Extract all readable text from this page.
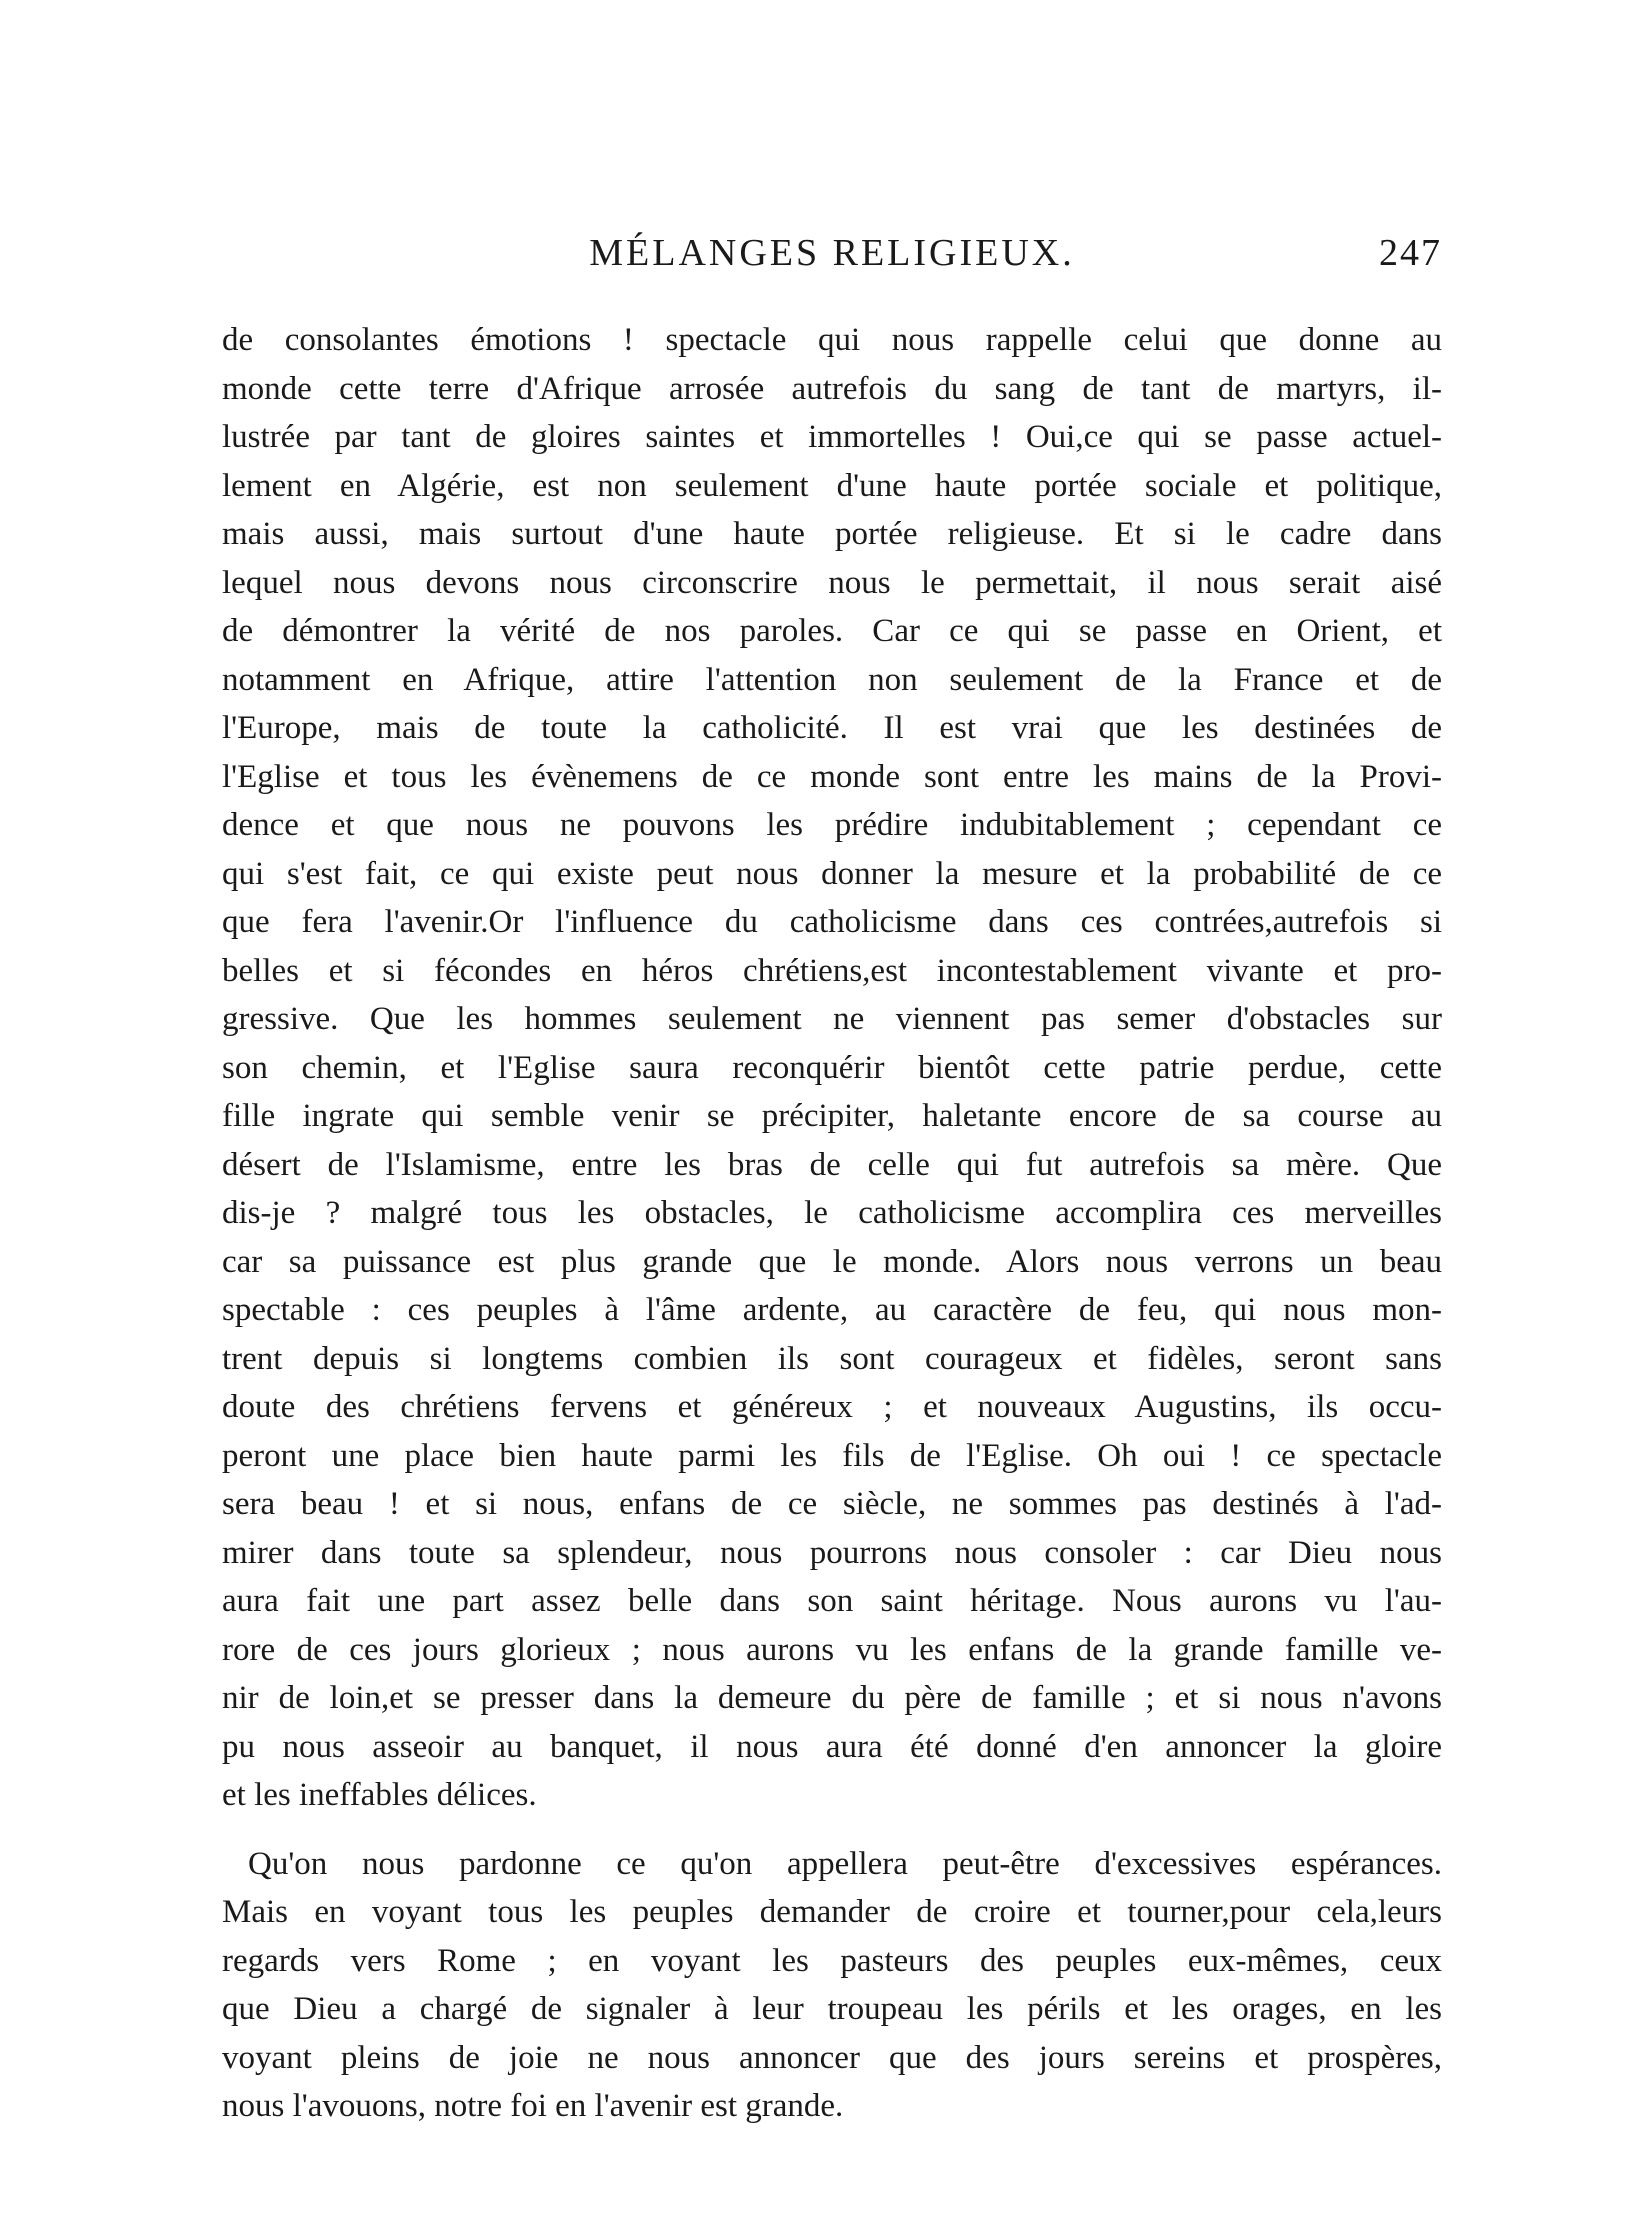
MÉLANGES RELIGIEUX.	247
de consolantes émotions ! spectacle qui nous rappelle celui que donne au
monde cette terre d'Afrique arrosée autrefois du sang de tant de martyrs, il-
lustrée par tant de gloires saintes et immortelles ! Oui,ce qui se passe actuel-
lement en Algérie, est non seulement d'une haute portée sociale et politique,
mais aussi, mais surtout d'une haute portée religieuse. Et si le cadre dans
lequel nous devons nous circonscrire nous le permettait, il nous serait aisé
de démontrer la vérité de nos paroles. Car ce qui se passe en Orient, et
notamment en Afrique, attire l'attention non seulement de la France et de
l'Europe, mais de toute la catholicité. Il est vrai que les destinées de
l'Eglise et tous les évènemens de ce monde sont entre les mains de la Provi-
dence et que nous ne pouvons les prédire indubitablement ; cependant ce
qui s'est fait, ce qui existe peut nous donner la mesure et la probabilité de ce
que fera l'avenir.Or l'influence du catholicisme dans ces contrées,autrefois si
belles et si fécondes en héros chrétiens,est incontestablement vivante et pro-
gressive. Que les hommes seulement ne viennent pas semer d'obstacles sur
son chemin, et l'Eglise saura reconquérir bientôt cette patrie perdue, cette
fille ingrate qui semble venir se précipiter, haletante encore de sa course au
désert de l'Islamisme, entre les bras de celle qui fut autrefois sa mère. Que
dis-je ? malgré tous les obstacles, le catholicisme accomplira ces merveilles
car sa puissance est plus grande que le monde. Alors nous verrons un beau
spectable : ces peuples à l'âme ardente, au caractère de feu, qui nous mon-
trent depuis si longtems combien ils sont courageux et fidèles, seront sans
doute des chrétiens fervens et généreux ; et nouveaux Augustins, ils occu-
peront une place bien haute parmi les fils de l'Eglise. Oh oui ! ce spectacle
sera beau ! et si nous, enfans de ce siècle, ne sommes pas destinés à l'ad-
mirer dans toute sa splendeur, nous pourrons nous consoler : car Dieu nous
aura fait une part assez belle dans son saint héritage. Nous aurons vu l'au-
rore de ces jours glorieux ; nous aurons vu les enfans de la grande famille ve-
nir de loin,et se presser dans la demeure du père de famille ; et si nous n'avons
pu nous asseoir au banquet, il nous aura été donné d'en annoncer la gloire
et les ineffables délices.
Qu'on nous pardonne ce qu'on appellera peut-être d'excessives espérances.
Mais en voyant tous les peuples demander de croire et tourner,pour cela,leurs
regards vers Rome ; en voyant les pasteurs des peuples eux-mêmes, ceux
que Dieu a chargé de signaler à leur troupeau les périls et les orages, en les
voyant pleins de joie ne nous annoncer que des jours sereins et prospères,
nous l'avouons, notre foi en l'avenir est grande.
